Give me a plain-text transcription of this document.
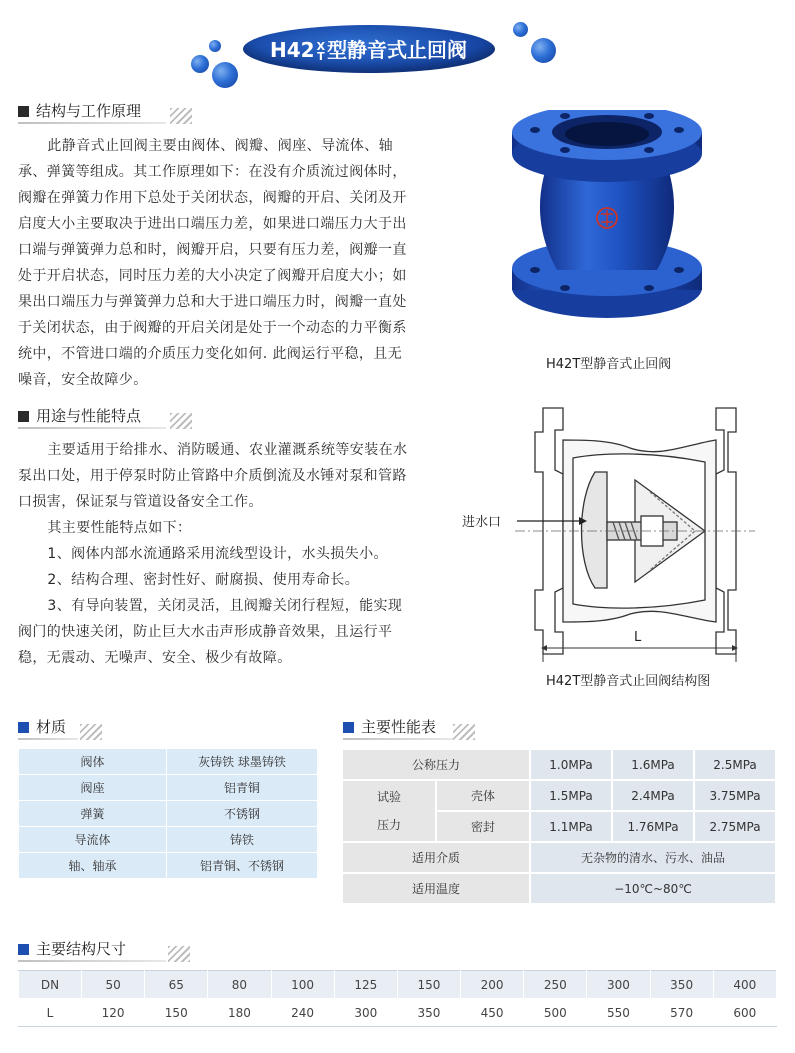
H42 X
T 型静音式止回阀
结构与工作原理

此静音式止回阀主要由阀体、阀瓣、阀座、导流体、轴

承、弹簧等组成。其工作原理如下：在没有介质流过阀体时，

阀瓣在弹簧力作用下总处于关闭状态，阀瓣的开启、关闭及开

启度大小主要取决于进出口端压力差，如果进口端压力大于出

口端与弹簧弹力总和时，阀瓣开启，只要有压力差，阀瓣一直

处于开启状态，同时压力差的大小决定了阀瓣开启度大小；如

果出口端压力与弹簧弹力总和大于进口端压力时，阀瓣一直处

于关闭状态，由于阀瓣的开启关闭是处于一个动态的力平衡系

统中，不管进口端的介质压力变化如何. 此阀运行平稳，且无

噪音，安全故障少。

用途与性能特点

主要适用于给排水、消防暖通、农业灌溉系统等安装在水

泵出口处，用于停泵时防止管路中介质倒流及水锤对泵和管路

口损害，保证泵与管道设备安全工作。

其主要性能特点如下：

1、阀体内部水流通路采用流线型设计，水头损失小。

2、结构合理、密封性好、耐腐损、使用寿命长。

3、有导向装置，关闭灵活，且阀瓣关闭行程短，能实现

阀门的快速关闭，防止巨大水击声形成静音效果，且运行平

稳，无震动、无噪声、安全、极少有故障。

H42T型静音式止回阀
进水口
L
H42T型静音式止回阀结构图
材质
阀体	灰铸铁 球墨铸铁
阀座	铝青铜
弹簧	不锈钢
导流体	铸铁
轴、轴承	铝青铜、不锈钢
主要性能表
公称压力		1.0MPa	1.6MPa	2.5MPa
试验
压力	壳体	1.5MPa	2.4MPa	3.75MPa
	密封	1.1MPa	1.76MPa	2.75MPa
适用介质		无杂物的清水、污水、油品		
适用温度		−10℃~80℃		
主要结构尺寸
DN	50	65	80	100	125	150	200	250	300	350	400
L	120	150	180	240	300	350	450	500	550	570	600
